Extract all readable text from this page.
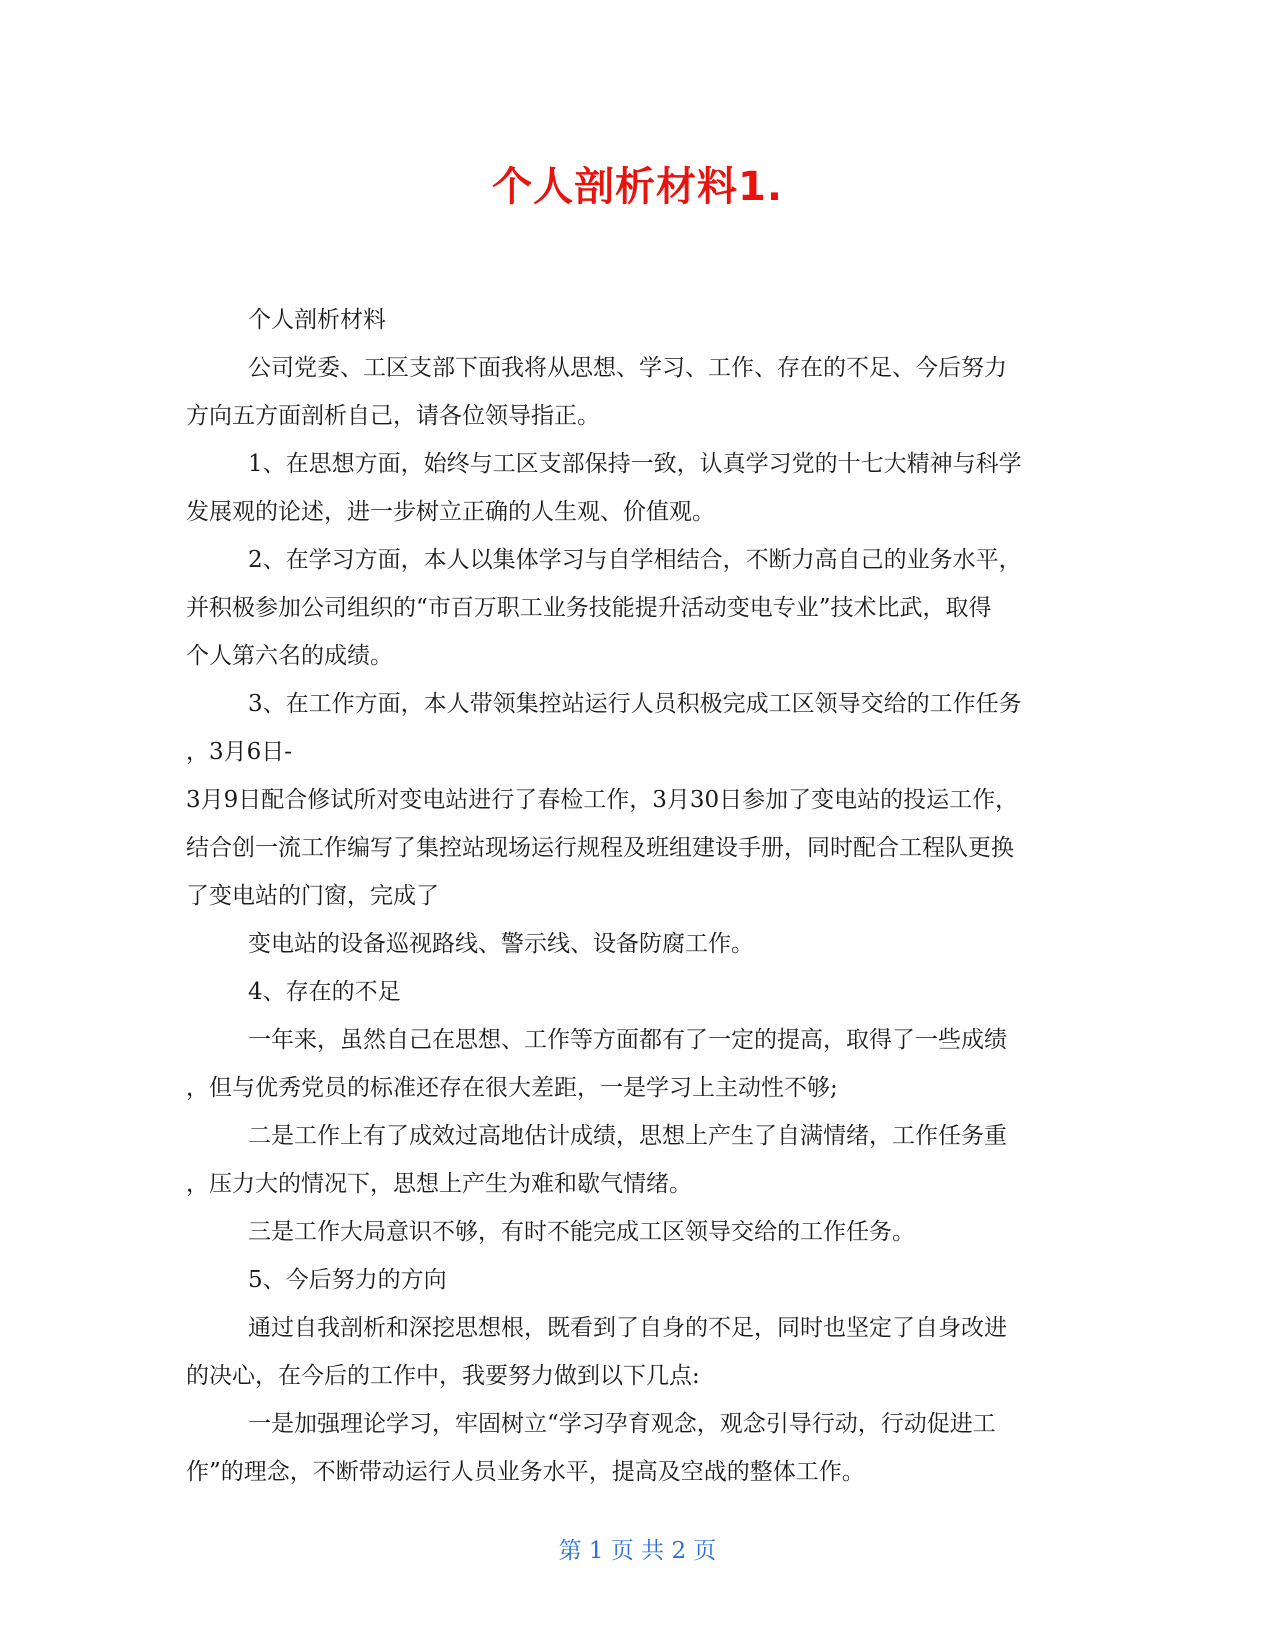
个人剖析材料1.

个人剖析材料

公司党委、工区支部下面我将从思想、学习、工作、存在的不足、今后努力

方向五方面剖析自己，请各位领导指正。

1、在思想方面，始终与工区支部保持一致，认真学习党的十七大精神与科学

发展观的论述，进一步树立正确的人生观、价值观。

2、在学习方面，本人以集体学习与自学相结合，不断力高自己的业务水平，

并积极参加公司组织的“市百万职工业务技能提升活动变电专业”技术比武，取得

个人第六名的成绩。

3、在工作方面，本人带领集控站运行人员积极完成工区领导交给的工作任务

，3月6日-

3月9日配合修试所对变电站进行了春检工作，3月30日参加了变电站的投运工作，

结合创一流工作编写了集控站现场运行规程及班组建设手册，同时配合工程队更换

了变电站的门窗，完成了

变电站的设备巡视路线、警示线、设备防腐工作。

4、存在的不足

一年来，虽然自己在思想、工作等方面都有了一定的提高，取得了一些成绩

，但与优秀党员的标准还存在很大差距，一是学习上主动性不够;

二是工作上有了成效过高地估计成绩，思想上产生了自满情绪，工作任务重

，压力大的情况下，思想上产生为难和歇气情绪。

三是工作大局意识不够，有时不能完成工区领导交给的工作任务。

5、今后努力的方向

通过自我剖析和深挖思想根，既看到了自身的不足，同时也坚定了自身改进

的决心，在今后的工作中，我要努力做到以下几点:

一是加强理论学习，牢固树立“学习孕育观念，观念引导行动，行动促进工

作”的理念，不断带动运行人员业务水平，提高及空战的整体工作。

第 1 页 共 2 页
